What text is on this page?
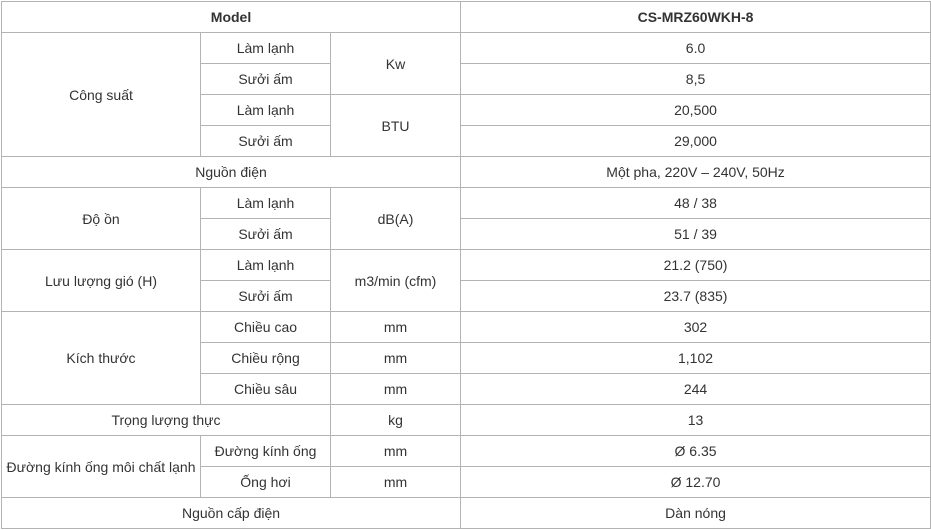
Model			CS-MRZ60WKH-8
Công suất	Làm lạnh	Kw	6.0
	Sưởi ấm		8,5
	Làm lạnh	BTU	20,500
	Sưởi ấm		29,000
Nguồn điện			Một pha, 220V – 240V, 50Hz
Độ ồn	Làm lạnh	dB(A)	48 / 38
	Sưởi ấm		51 / 39
Lưu lượng gió (H)	Làm lạnh	m3/min (cfm)	21.2 (750)
	Sưởi ấm		23.7 (835)
Kích thước	Chiều cao	mm	302
	Chiều rộng	mm	1,102
	Chiều sâu	mm	244
Trọng lượng thực		kg	13
Đường kính ống môi chất lạnh	Đường kính ống	mm	Ø 6.35
	Ống hơi	mm	Ø 12.70
Nguồn cấp điện			Dàn nóng
